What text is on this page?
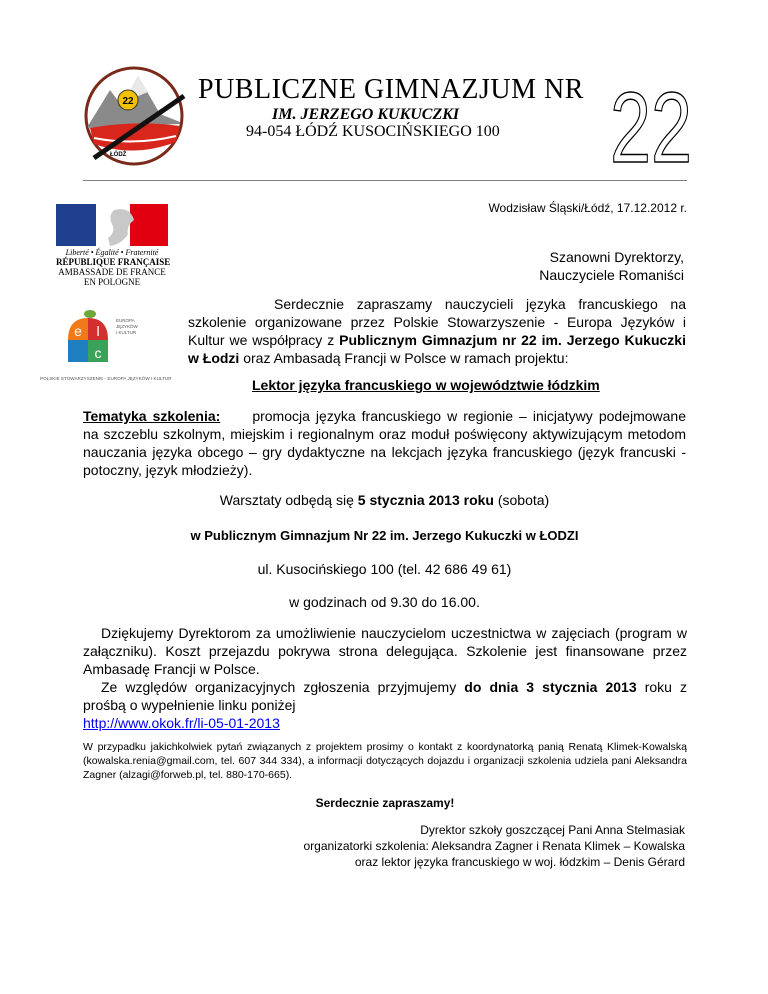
22
ŁÓDŹ
PUBLICZNE GIMNAZJUM NR
IM. JERZEGO KUKUCZKI
94-054 ŁÓDŹ KUSOCIŃSKIEGO 100 22
Liberté • Égalité • Fraternité
RÉPUBLIQUE FRANÇAISE
AMBASSADE DE FRANCE
EN POLOGNE
e l
c
EUROPA JĘZYKÓW I KULTUR
POLSKIE STOWARZYSZENIE - EUROPA JĘZYKÓW I KULTUR
Wodzisław Śląski/Łódź, 17.12.2012 r.
Szanowni Dyrektorzy,
Nauczyciele Romaniści

Serdecznie zapraszamy nauczycieli języka francuskiego na szkolenie organizowane przez Polskie Stowarzyszenie - Europa Języków i Kultur we współpracy z Publicznym Gimnazjum nr 22 im. Jerzego Kukuczki w Łodzi oraz Ambasadą Francji w Polsce w ramach projektu:

Lektor języka francuskiego w województwie łódzkim

Tematyka szkolenia: promocja języka francuskiego w regionie – inicjatywy podejmowane na szczeblu szkolnym, miejskim i regionalnym oraz moduł poświęcony aktywizującym metodom nauczania języka obcego – gry dydaktyczne na lekcjach języka francuskiego (język francuski - potoczny, język młodzieży).

Warsztaty odbędą się 5 stycznia 2013 roku (sobota)
w Publicznym Gimnazjum Nr 22 im. Jerzego Kukuczki w ŁODZI
ul. Kusocińskiego 100 (tel. 42 686 49 61)
w godzinach od 9.30 do 16.00.

Dziękujemy Dyrektorom za umożliwienie nauczycielom uczestnictwa w zajęciach (program w załączniku). Koszt przejazdu pokrywa strona delegująca. Szkolenie jest finansowane przez Ambasadę Francji w Polsce.

Ze względów organizacyjnych zgłoszenia przyjmujemy do dnia 3 stycznia 2013 roku z prośbą o wypełnienie linku poniżej

http://www.okok.fr/li-05-01-2013

W przypadku jakichkolwiek pytań związanych z projektem prosimy o kontakt z koordynatorką panią Renatą Klimek-Kowalską (kowalska.renia@gmail.com, tel. 607 344 334), a informacji dotyczących dojazdu i organizacji szkolenia udziela pani Aleksandra Zagner (alzagi@forweb.pl, tel. 880-170-665).

Serdecznie zapraszamy!

Dyrektor szkoły goszczącej Pani Anna Stelmasiak

organizatorki szkolenia: Aleksandra Zagner i Renata Klimek – Kowalska

oraz lektor języka francuskiego w woj. łódzkim – Denis Gérard
